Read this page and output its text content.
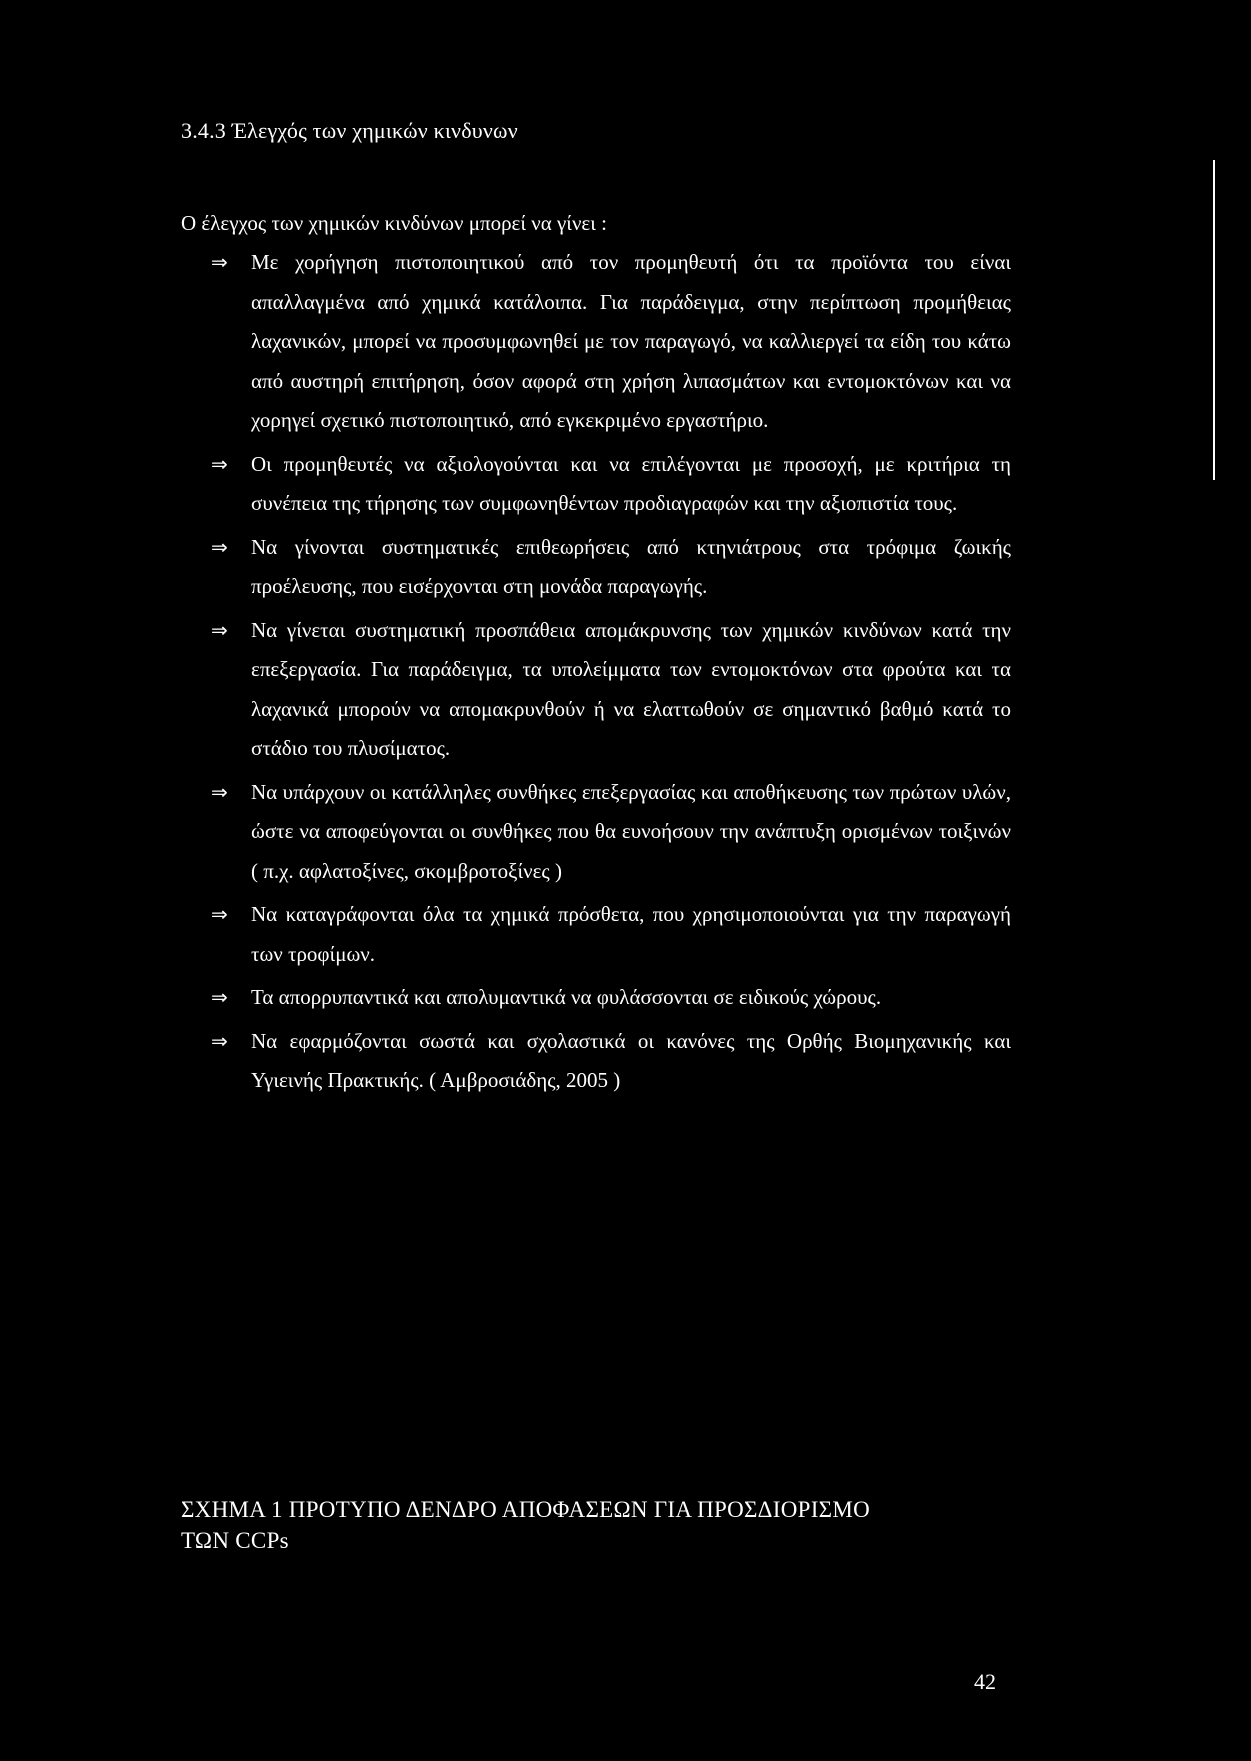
3.4.3 Έλεγχός των χημικών κινδυνων
Ο έλεγχος των χημικών κινδύνων μπορεί να γίνει :
⇒ Με χορήγηση πιστοποιητικού από τον προμηθευτή ότι τα προϊόντα του είναι απαλλαγμένα από χημικά κατάλοιπα. Για παράδειγμα, στην περίπτωση προμήθειας λαχανικών, μπορεί να προσυμφωνηθεί με τον παραγωγό, να καλλιεργεί τα είδη του κάτω από αυστηρή επιτήρηση, όσον αφορά στη χρήση λιπασμάτων και εντομοκτόνων και να χορηγεί σχετικό πιστοποιητικό, από εγκεκριμένο εργαστήριο.
⇒ Οι προμηθευτές να αξιολογούνται και να επιλέγονται με προσοχή, με κριτήρια τη συνέπεια της τήρησης των συμφωνηθέντων προδιαγραφών και την αξιοπιστία τους.
⇒ Να γίνονται συστηματικές επιθεωρήσεις από κτηνιάτρους στα τρόφιμα ζωικής προέλευσης, που εισέρχονται στη μονάδα παραγωγής.
⇒ Να γίνεται συστηματική προσπάθεια απομάκρυνσης των χημικών κινδύνων κατά την επεξεργασία. Για παράδειγμα, τα υπολείμματα των εντομοκτόνων στα φρούτα και τα λαχανικά μπορούν να απομακρυνθούν ή να ελαττωθούν σε σημαντικό βαθμό κατά το στάδιο του πλυσίματος.
⇒ Να υπάρχουν οι κατάλληλες συνθήκες επεξεργασίας και αποθήκευσης των πρώτων υλών, ώστε να αποφεύγονται οι συνθήκες που θα ευνοήσουν την ανάπτυξη ορισμένων τοιξινών ( π.χ. αφλατοξίνες, σκομβροτοξίνες )
⇒ Να καταγράφονται όλα τα χημικά πρόσθετα, που χρησιμοποιούνται για την παραγωγή των τροφίμων.
⇒ Τα απορρυπαντικά και απολυμαντικά να φυλάσσονται σε ειδικούς χώρους.
⇒ Να εφαρμόζονται σωστά και σχολαστικά οι κανόνες της Ορθής Βιομηχανικής και Υγιεινής Πρακτικής. ( Αμβροσιάδης, 2005 )
ΣΧΗΜΑ 1 ΠΡΟΤΥΠΟ ΔΕΝΔΡΟ ΑΠΟΦΑΣΕΩΝ ΓΙΑ ΠΡΟΣΔΙΟΡΙΣΜΟ
ΤΩΝ CCPs
42
